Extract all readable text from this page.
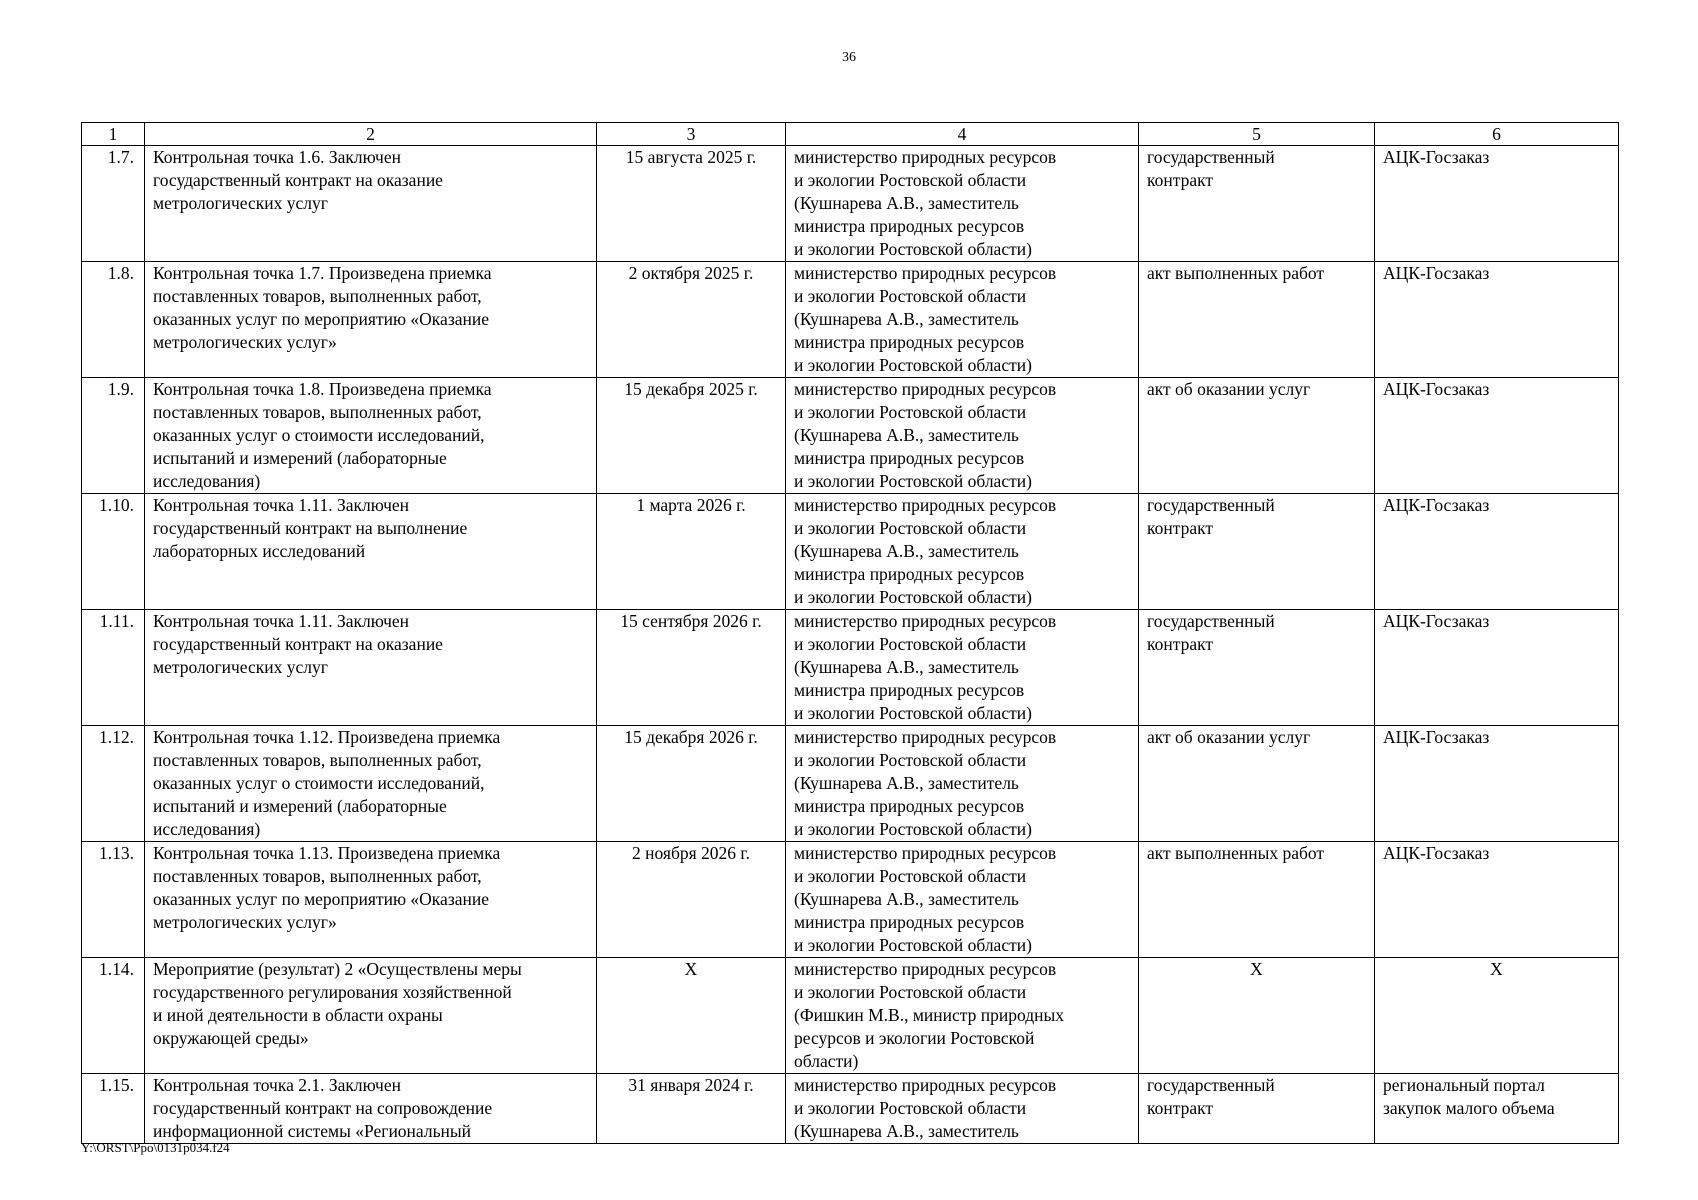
36
1	2	3	4	5	6
1.7.	Контрольная точка 1.6. Заключен
государственный контракт на оказание
метрологических услуг	15 августа 2025 г.	министерство природных ресурсов
и экологии Ростовской области
(Кушнарева А.В., заместитель
министра природных ресурсов
и экологии Ростовской области)	государственный
контракт	АЦК-Госзаказ

1.8.	Контрольная точка 1.7. Произведена приемка
поставленных товаров, выполненных работ,
оказанных услуг по мероприятию «Оказание
метрологических услуг»	2 октября 2025 г.	министерство природных ресурсов
и экологии Ростовской области
(Кушнарева А.В., заместитель
министра природных ресурсов
и экологии Ростовской области)	акт выполненных работ	АЦК-Госзаказ

1.9.	Контрольная точка 1.8. Произведена приемка
поставленных товаров, выполненных работ,
оказанных услуг о стоимости исследований,
испытаний и измерений (лабораторные
исследования)	15 декабря 2025 г.	министерство природных ресурсов
и экологии Ростовской области
(Кушнарева А.В., заместитель
министра природных ресурсов
и экологии Ростовской области)	акт об оказании услуг	АЦК-Госзаказ

1.10.	Контрольная точка 1.11. Заключен
государственный контракт на выполнение
лабораторных исследований	1 марта 2026 г.	министерство природных ресурсов
и экологии Ростовской области
(Кушнарева А.В., заместитель
министра природных ресурсов
и экологии Ростовской области)	государственный
контракт	АЦК-Госзаказ

1.11.	Контрольная точка 1.11. Заключен
государственный контракт на оказание
метрологических услуг	15 сентября 2026 г.	министерство природных ресурсов
и экологии Ростовской области
(Кушнарева А.В., заместитель
министра природных ресурсов
и экологии Ростовской области)	государственный
контракт	АЦК-Госзаказ

1.12.	Контрольная точка 1.12. Произведена приемка
поставленных товаров, выполненных работ,
оказанных услуг о стоимости исследований,
испытаний и измерений (лабораторные
исследования)	15 декабря 2026 г.	министерство природных ресурсов
и экологии Ростовской области
(Кушнарева А.В., заместитель
министра природных ресурсов
и экологии Ростовской области)	акт об оказании услуг	АЦК-Госзаказ

1.13.	Контрольная точка 1.13. Произведена приемка
поставленных товаров, выполненных работ,
оказанных услуг по мероприятию «Оказание
метрологических услуг»	2 ноября 2026 г.	министерство природных ресурсов
и экологии Ростовской области
(Кушнарева А.В., заместитель
министра природных ресурсов
и экологии Ростовской области)	акт выполненных работ	АЦК-Госзаказ

1.14.	Мероприятие (результат) 2 «Осуществлены меры
государственного регулирования хозяйственной
и иной деятельности в области охраны
окружающей среды»	X	министерство природных ресурсов
и экологии Ростовской области
(Фишкин М.В., министр природных
ресурсов и экологии Ростовской
области)	X	X

1.15.	Контрольная точка 2.1. Заключен
государственный контракт на сопровождение
информационной системы «Региональный	31 января 2024 г.	министерство природных ресурсов
и экологии Ростовской области
(Кушнарева А.В., заместитель	государственный
контракт	региональный портал
закупок малого объема
Y:\ORST\Ppo\0131p034.f24
